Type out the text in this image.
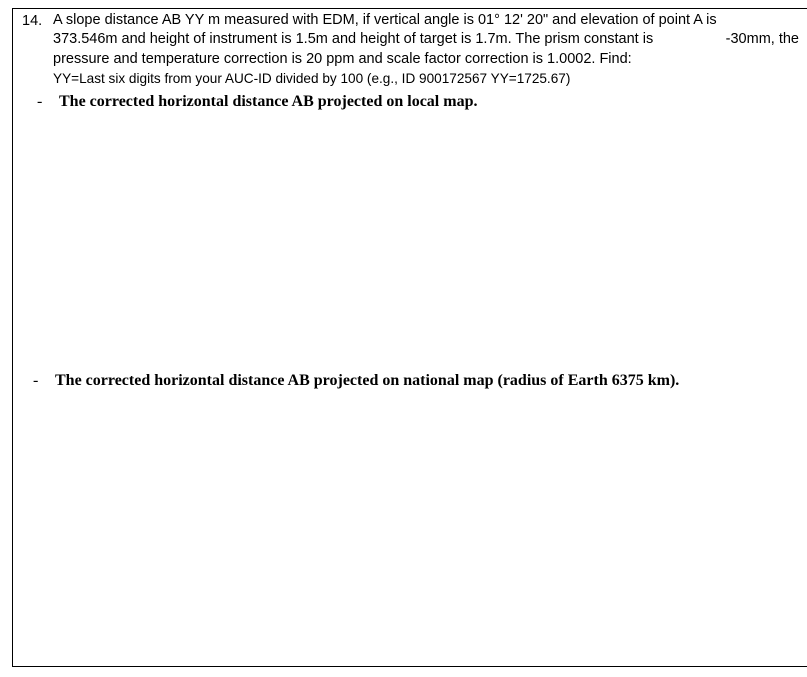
14. A slope distance AB YY m measured with EDM, if vertical angle is 01° 12' 20" and elevation of point A is
373.546m and height of instrument is 1.5m and height of target is 1.7m. The prism constant is	-30mm, the
pressure and temperature correction is 20 ppm and scale factor correction is 1.0002. Find:
YY=Last six digits from your AUC-ID divided by 100 (e.g., ID 900172567 YY=1725.67)
- The corrected horizontal distance AB projected on local map.
- The corrected horizontal distance AB projected on national map (radius of Earth 6375 km).
